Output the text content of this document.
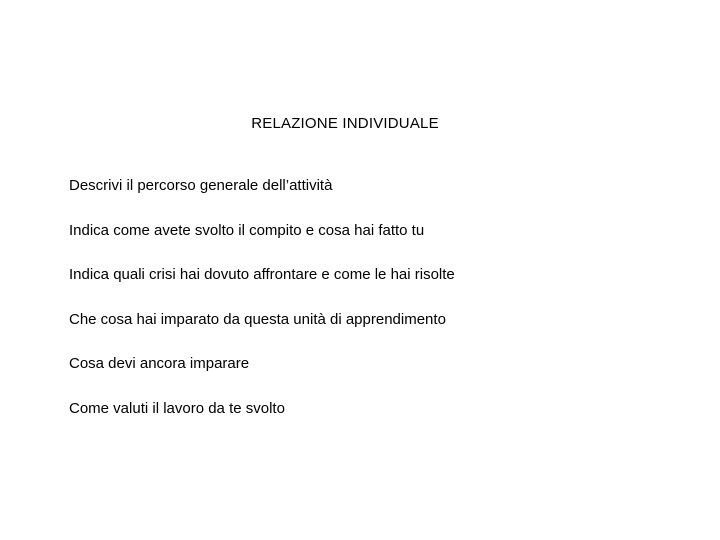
RELAZIONE INDIVIDUALE
Descrivi il percorso generale dell’attività
Indica come avete svolto il compito e cosa hai fatto tu
Indica quali crisi hai dovuto affrontare e come le hai risolte
Che cosa hai imparato da questa unità di apprendimento
Cosa devi ancora imparare
Come valuti il lavoro da te svolto
